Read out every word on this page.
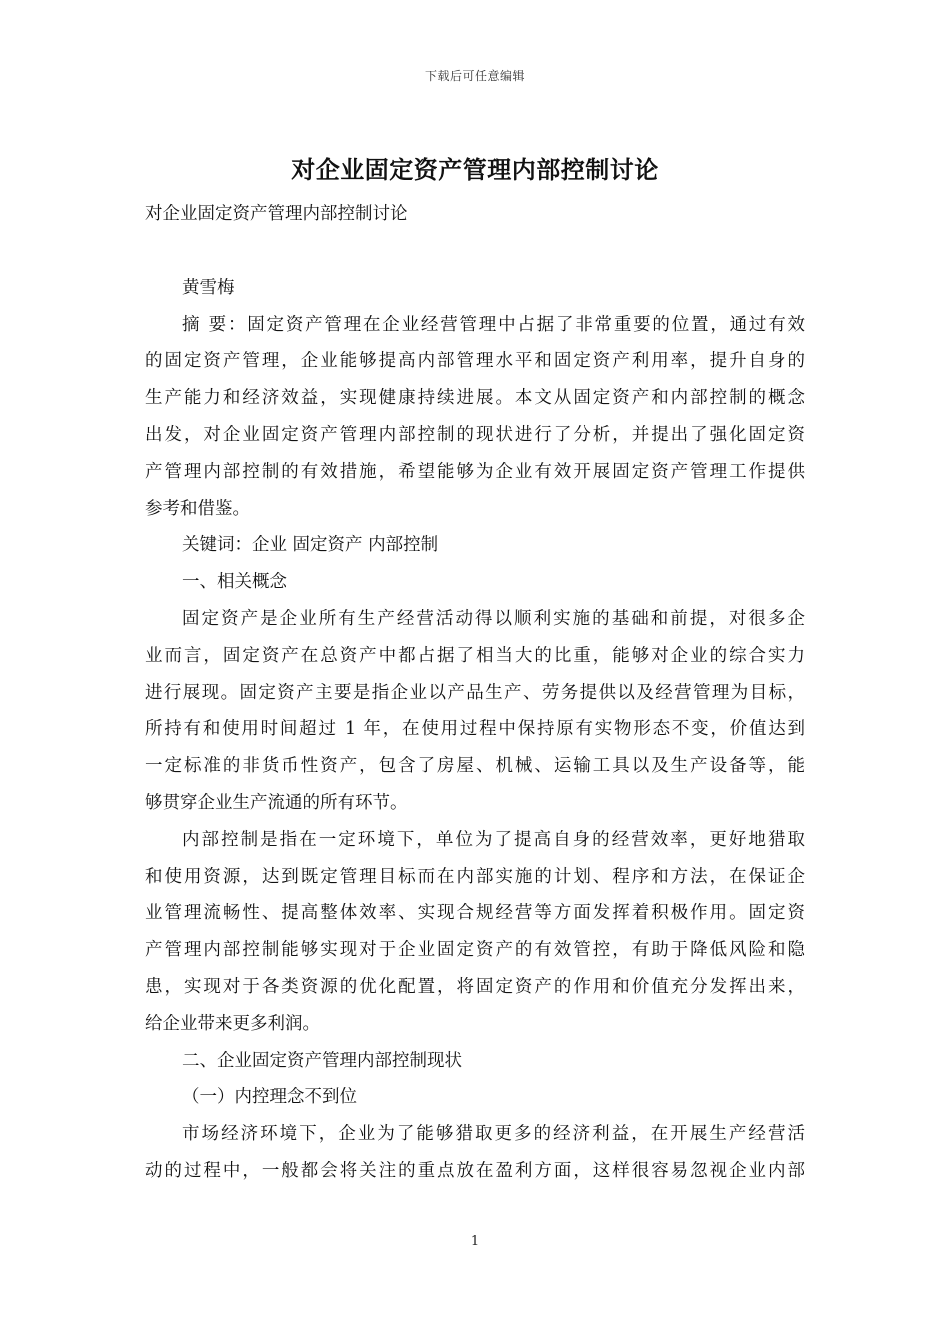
下载后可任意编辑
对企业固定资产管理内部控制讨论

对企业固定资产管理内部控制讨论

黄雪梅

摘 要：固定资产管理在企业经营管理中占据了非常重要的位置，通过有效

的固定资产管理，企业能够提高内部管理水平和固定资产利用率，提升自身的

生产能力和经济效益，实现健康持续进展。本文从固定资产和内部控制的概念

出发，对企业固定资产管理内部控制的现状进行了分析，并提出了强化固定资

产管理内部控制的有效措施，希望能够为企业有效开展固定资产管理工作提供

参考和借鉴。

关键词：企业 固定资产 内部控制

一、相关概念

固定资产是企业所有生产经营活动得以顺利实施的基础和前提，对很多企

业而言，固定资产在总资产中都占据了相当大的比重，能够对企业的综合实力

进行展现。固定资产主要是指企业以产品生产、劳务提供以及经营管理为目标，

所持有和使用时间超过 1 年，在使用过程中保持原有实物形态不变，价值达到

一定标准的非货币性资产，包含了房屋、机械、运输工具以及生产设备等，能

够贯穿企业生产流通的所有环节。

内部控制是指在一定环境下，单位为了提高自身的经营效率，更好地猎取

和使用资源，达到既定管理目标而在内部实施的计划、程序和方法，在保证企

业管理流畅性、提高整体效率、实现合规经营等方面发挥着积极作用。固定资

产管理内部控制能够实现对于企业固定资产的有效管控，有助于降低风险和隐

患，实现对于各类资源的优化配置，将固定资产的作用和价值充分发挥出来，

给企业带来更多利润。

二、企业固定资产管理内部控制现状

（一）内控理念不到位

市场经济环境下，企业为了能够猎取更多的经济利益，在开展生产经营活

动的过程中，一般都会将关注的重点放在盈利方面，这样很容易忽视企业内部

1
